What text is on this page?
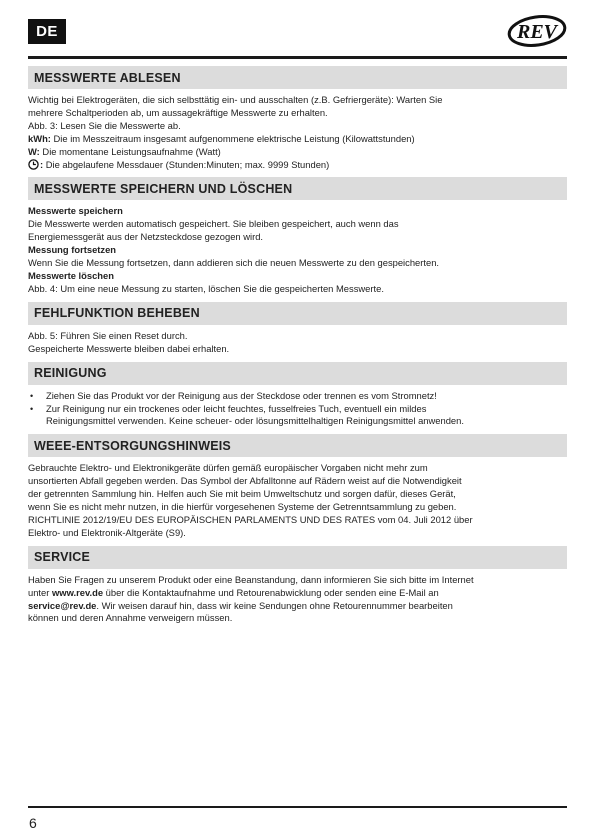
DE	REV
MESSWERTE ABLESEN
Wichtig bei Elektrogeräten, die sich selbsttätig ein- und ausschalten (z.B. Gefriergeräte): Warten Sie
mehrere Schaltperioden ab, um aussagekräftige Messwerte zu erhalten.
Abb. 3: Lesen Sie die Messwerte ab.
kWh: Die im Messzeitraum insgesamt aufgenommene elektrische Leistung (Kilowattstunden)
W: Die momentane Leistungsaufnahme (Watt)
: Die abgelaufene Messdauer (Stunden:Minuten; max. 9999 Stunden)
MESSWERTE SPEICHERN UND LÖSCHEN
Messwerte speichern
Die Messwerte werden automatisch gespeichert. Sie bleiben gespeichert, auch wenn das
Energiemessgerät aus der Netzsteckdose gezogen wird.
Messung fortsetzen
Wenn Sie die Messung fortsetzen, dann addieren sich die neuen Messwerte zu den gespeicherten.
Messwerte löschen
Abb. 4: Um eine neue Messung zu starten, löschen Sie die gespeicherten Messwerte.
FEHLFUNKTION BEHEBEN
Abb. 5: Führen Sie einen Reset durch.
Gespeicherte Messwerte bleiben dabei erhalten.
REINIGUNG
• Ziehen Sie das Produkt vor der Reinigung aus der Steckdose oder trennen es vom Stromnetz!
• Zur Reinigung nur ein trockenes oder leicht feuchtes, fusselfreies Tuch, eventuell ein mildes
Reinigungsmittel verwenden. Keine scheuer- oder lösungsmittelhaltigen Reinigungsmittel anwenden.
WEEE-ENTSORGUNGSHINWEIS
Gebrauchte Elektro- und Elektronikgeräte dürfen gemäß europäischer Vorgaben nicht mehr zum
unsortierten Abfall gegeben werden. Das Symbol der Abfalltonne auf Rädern weist auf die Notwendigkeit
der getrennten Sammlung hin. Helfen auch Sie mit beim Umweltschutz und sorgen dafür, dieses Gerät,
wenn Sie es nicht mehr nutzen, in die hierfür vorgesehenen Systeme der Getrenntsammlung zu geben.
RICHTLINIE 2012/19/EU DES EUROPÄISCHEN PARLAMENTS UND DES RATES vom 04. Juli 2012 über
Elektro- und Elektronik-Altgeräte (S9).
SERVICE
Haben Sie Fragen zu unserem Produkt oder eine Beanstandung, dann informieren Sie sich bitte im Internet
unter www.rev.de über die Kontaktaufnahme und Retourenabwicklung oder senden eine E-Mail an
service@rev.de. Wir weisen darauf hin, dass wir keine Sendungen ohne Retourennummer bearbeiten
können und deren Annahme verweigern müssen.
6
